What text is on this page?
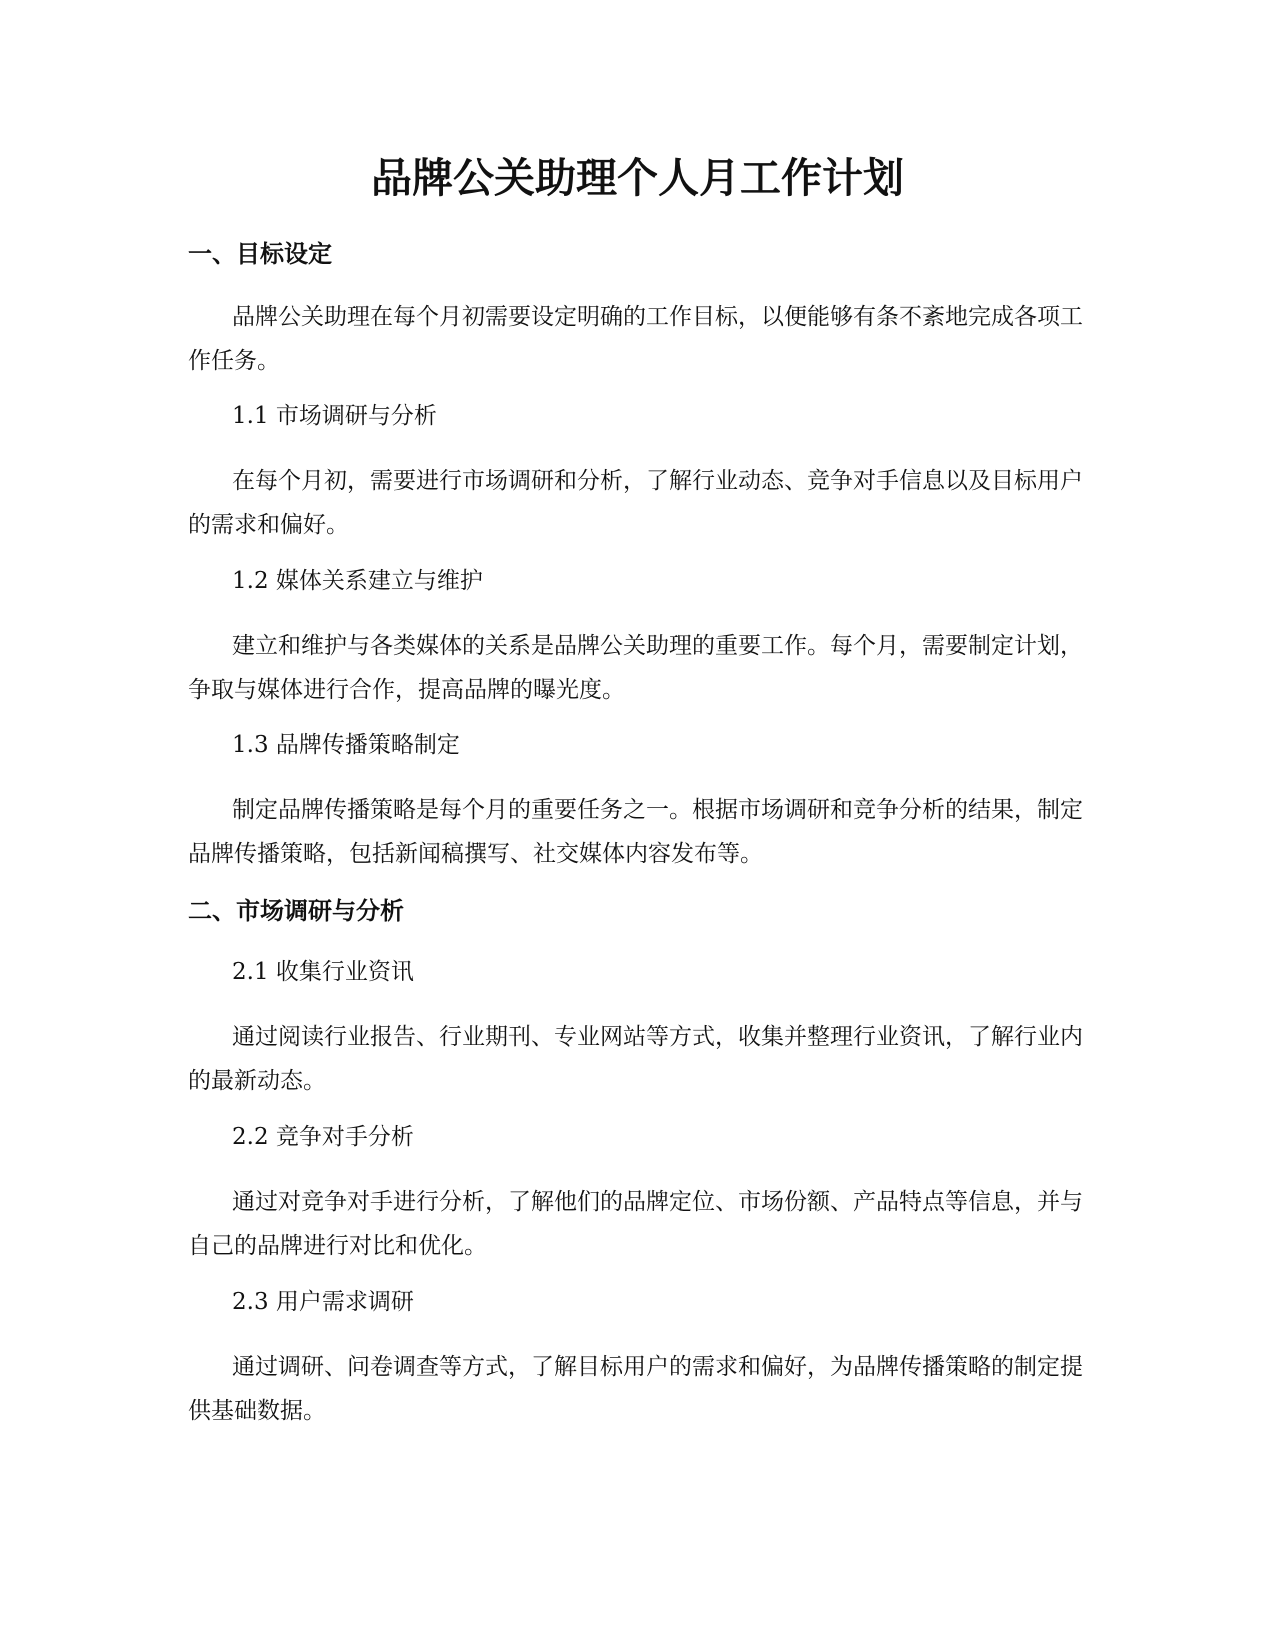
品牌公关助理个人月工作计划
一、目标设定

品牌公关助理在每个月初需要设定明确的工作目标，以便能够有条不紊地完成各项工作任务。

1.1 市场调研与分析

在每个月初，需要进行市场调研和分析，了解行业动态、竞争对手信息以及目标用户的需求和偏好。

1.2 媒体关系建立与维护

建立和维护与各类媒体的关系是品牌公关助理的重要工作。每个月，需要制定计划，争取与媒体进行合作，提高品牌的曝光度。

1.3 品牌传播策略制定

制定品牌传播策略是每个月的重要任务之一。根据市场调研和竞争分析的结果，制定品牌传播策略，包括新闻稿撰写、社交媒体内容发布等。

二、市场调研与分析

2.1 收集行业资讯

通过阅读行业报告、行业期刊、专业网站等方式，收集并整理行业资讯，了解行业内的最新动态。

2.2 竞争对手分析

通过对竞争对手进行分析，了解他们的品牌定位、市场份额、产品特点等信息，并与自己的品牌进行对比和优化。

2.3 用户需求调研

通过调研、问卷调查等方式，了解目标用户的需求和偏好，为品牌传播策略的制定提供基础数据。
